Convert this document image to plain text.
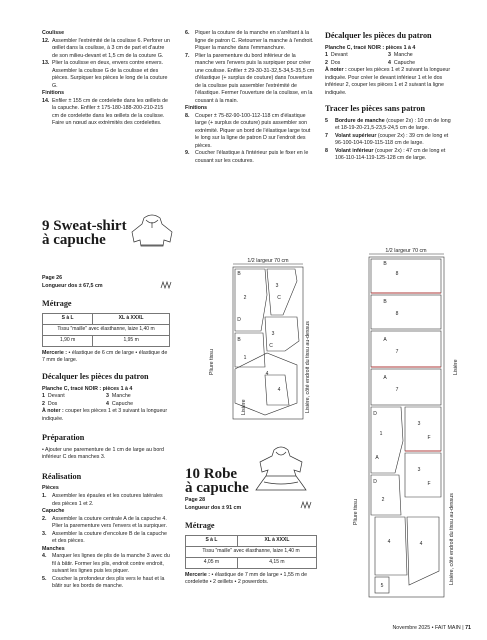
Coulisse

12. Assembler l'extrémité de la coulisse 6. Perforer un œillet dans la coulisse, à 3 cm de part et d'autre de son milieu-devant et 1,5 cm de la couture G.
13. Plier la coulisse en deux, envers contre envers. Assembler la coulisse G de la coulisse et des pièces. Surpiquer les pièces le long de la couture G.

Finitions

14. Enfiler ± 155 cm de cordelette dans les œillets de la capuche. Enfiler ± 175-180-188-200-210-215 cm de cordelette dans les œillets de la coulisse. Faire un nœud aux extrémités des cordelettes.
9 Sweat-shirt
à capuche

Page 26

Longueur dos ± 67,5 cm

Métrage
S à L	XL à XXXL
Tissu "maille" avec élasthanne, laize 1,40 m	
1,90 m	1,95 m

Mercerie : • élastique de 6 cm de large • élastique de 7 mm de large.

Décalquer les pièces du patron

Planche C, tracé NOIR : pièces 1 à 4

1 Devant	3 Manche
2 Dos	4 Capuche

À noter : couper les pièces 1 et 3 suivant la longueur indiquée.

Préparation

• Ajouter une parementure de 1 cm de large au bord inférieur C des manches 3.

Réalisation

Pièces

1.	Assembler les épaules et les coutures latérales des pièces 1 et 2.

Capuche

2.	Assembler la couture centrale A de la capuche 4. Plier la parementure vers l'envers et la surpiquer.
3.	Assembler la couture d'encolure B de la capuche et des pièces.

Manches

4.	Marquer les lignes de plis de la manche 3 avec du fil à bâtir. Former les plis, endroit contre endroit, suivant les lignes puis les piquer.
5.	Coucher la profondeur des plis vers le haut et la bâtir sur les bords de manche.
6.	Piquer la couture de la manche en s'arrêtant à la ligne de patron C. Retourner la manche à l'endroit. Piquer la manche dans l'emmanchure.
7.	Plier la parementure du bord inférieur de la manche vers l'envers puis la surpiquer pour créer une coulisse. Enfiler ± 29-30-31-32,5-34,5-35,5 cm d'élastique (+ surplus de couture) dans l'ouverture de la coulisse puis assembler l'extrémité de l'élastique. Fermer l'ouverture de la coulisse, en la cousant à la main.

Finitions

8.	Couper ± 75-82-90-100-112-118 cm d'élastique large (+ surplus de couture) puis assembler son extrémité. Piquer un bord de l'élastique large tout le long sur la ligne de patron D sur l'endroit des pièces.
9.	Coucher l'élastique à l'intérieur puis le fixer en le cousant sur les coutures.
1/2 largeur 70 cm
B
2
D
B
1
3
C
3
C
4
4
Pliure tissu	Lisière, côté endroit du tissu au-dessus
Lisière
10 Robe
à capuche

Page 28

Longueur dos ± 91 cm

Métrage
S à L	XL à XXXL
Tissu "maille" avec élasthanne, laize 1,40 m	
4,05 m	4,15 m

Mercerie : • élastique de 7 mm de large • 1,55 m de cordelette • 2 œillets • 2 powerdots.

Décalquer les pièces du patron

Planche C, tracé NOIR : pièces 1 à 4

1 Devant	3 Manche
2 Dos	4 Capuche

À noter : couper les pièces 1 et 2 suivant la longueur indiquée. Pour créer le devant inférieur 1 et le dos inférieur 2, couper les pièces 1 et 2 suivant la ligne indiquée.

Tracer les pièces sans patron
5	Bordure de manche (couper 2x) : 10 cm de long et 18-19-20-21,5-23,5-24,5 cm de large.
7	Volant supérieur (couper 2x) : 39 cm de long et 96-100-104-109-115-118 cm de large.
8	Volant inférieur (couper 2x) : 47 cm de long et 106-110-114-119-125-128 cm de large.
1/2 largeur 70 cm
B
8
B
8
A
7
A
7
D
1
A
D
2
3
F
3
F
4	4
5
Pliure tissu	Lisière, côté endroit du tissu au-dessus
Lisière
Novembre 2025 • FAIT MAIN | 71
